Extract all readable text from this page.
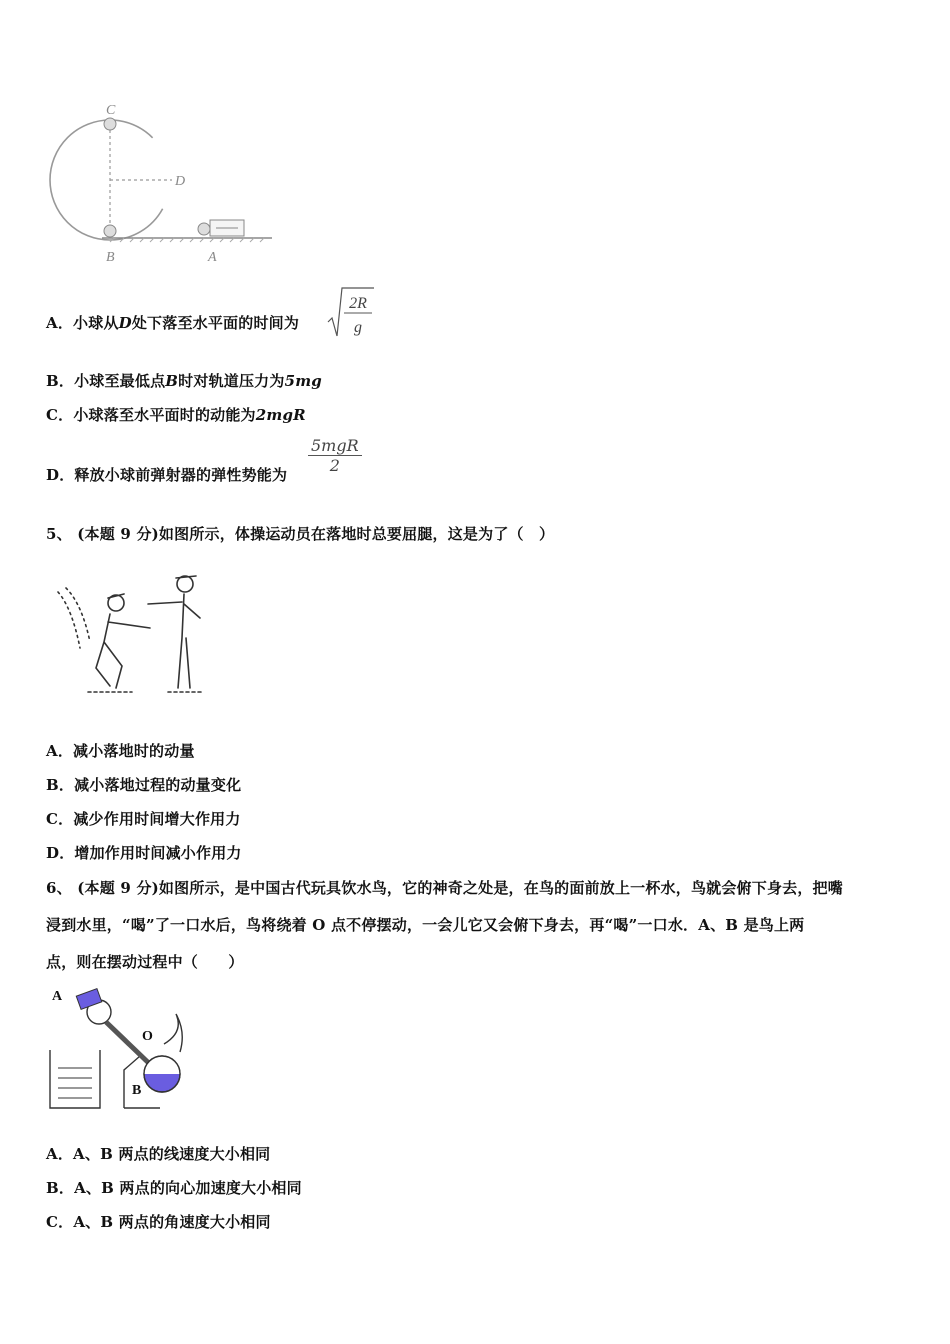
C
D
B	A
A．小球从D处下落至水平面的时间为
2R
g
B．小球至最低点B时对轨道压力为5mg
C．小球落至水平面时的动能为2mgR
D．释放小球前弹射器的弹性势能为
5mgR
2
5、 (本题 9 分)如图所示，体操运动员在落地时总要屈腿，这是为了（　）
A．减小落地时的动量
B．减小落地过程的动量变化
C．减少作用时间增大作用力
D．增加作用时间减小作用力
6、 (本题 9 分)如图所示，是中国古代玩具饮水鸟，它的神奇之处是，在鸟的面前放上一杯水，鸟就会俯下身去，把嘴
浸到水里，“喝”了一口水后，鸟将绕着 O 点不停摆动，一会儿它又会俯下身去，再“喝”一口水．A、B 是鸟上两
点，则在摆动过程中（　　）
A
O
B
A．A、B 两点的线速度大小相同
B．A、B 两点的向心加速度大小相同
C．A、B 两点的角速度大小相同
